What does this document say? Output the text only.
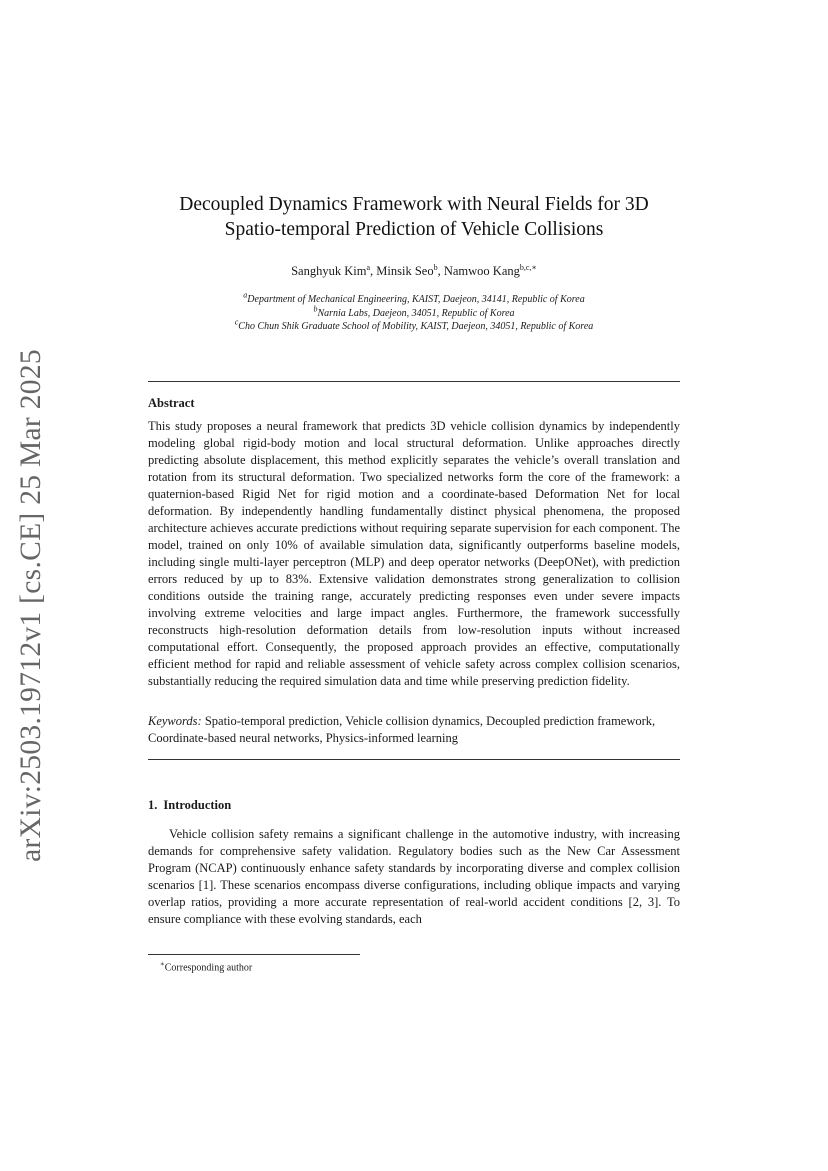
arXiv:2503.19712v1 [cs.CE] 25 Mar 2025
Decoupled Dynamics Framework with Neural Fields for 3D
Spatio-temporal Prediction of Vehicle Collisions
Sanghyuk Kim$^a$, Minsik Seo$^b$, Namwoo Kang$^{b,c,∗}$
$^a$Department of Mechanical Engineering, KAIST, Daejeon, 34141, Republic of Korea
$^b$Narnia Labs, Daejeon, 34051, Republic of Korea
$^c$Cho Chun Shik Graduate School of Mobility, KAIST, Daejeon, 34051, Republic of Korea
Abstract
This study proposes a neural framework that predicts 3D vehicle collision dynamics by independently modeling global rigid-body motion and local structural deformation. Unlike approaches directly predicting absolute displacement, this method explicitly separates the vehicle’s overall translation and rotation from its structural deformation. Two specialized networks form the core of the framework: a quaternion-based Rigid Net for rigid motion and a coordinate-based Deformation Net for local deformation. By independently handling fundamentally distinct physical phenomena, the proposed architecture achieves accurate predictions without requiring separate supervision for each component. The model, trained on only 10% of available simulation data, significantly outperforms baseline models, including single multi-layer perceptron (MLP) and deep operator networks (DeepONet), with prediction errors reduced by up to 83%. Extensive validation demonstrates strong generalization to collision conditions outside the training range, accurately predicting responses even under severe impacts involving extreme velocities and large impact angles. Furthermore, the framework successfully reconstructs high-resolution deformation details from low-resolution inputs without increased computational effort. Consequently, the proposed approach provides an effective, computationally efficient method for rapid and reliable assessment of vehicle safety across complex collision scenarios, substantially reducing the required simulation data and time while preserving prediction fidelity.
Keywords: Spatio-temporal prediction, Vehicle collision dynamics, Decoupled prediction framework, Coordinate-based neural networks, Physics-informed learning
1. Introduction
Vehicle collision safety remains a significant challenge in the automotive industry, with increasing demands for comprehensive safety validation. Regulatory bodies such as the New Car Assessment Program (NCAP) continuously enhance safety standards by incorporating diverse and complex collision scenarios [1]. These scenarios encompass diverse configurations, including oblique impacts and varying overlap ratios, providing a more accurate representation of real-world accident conditions [2, 3]. To ensure compliance with these evolving standards, each
∗Corresponding author
